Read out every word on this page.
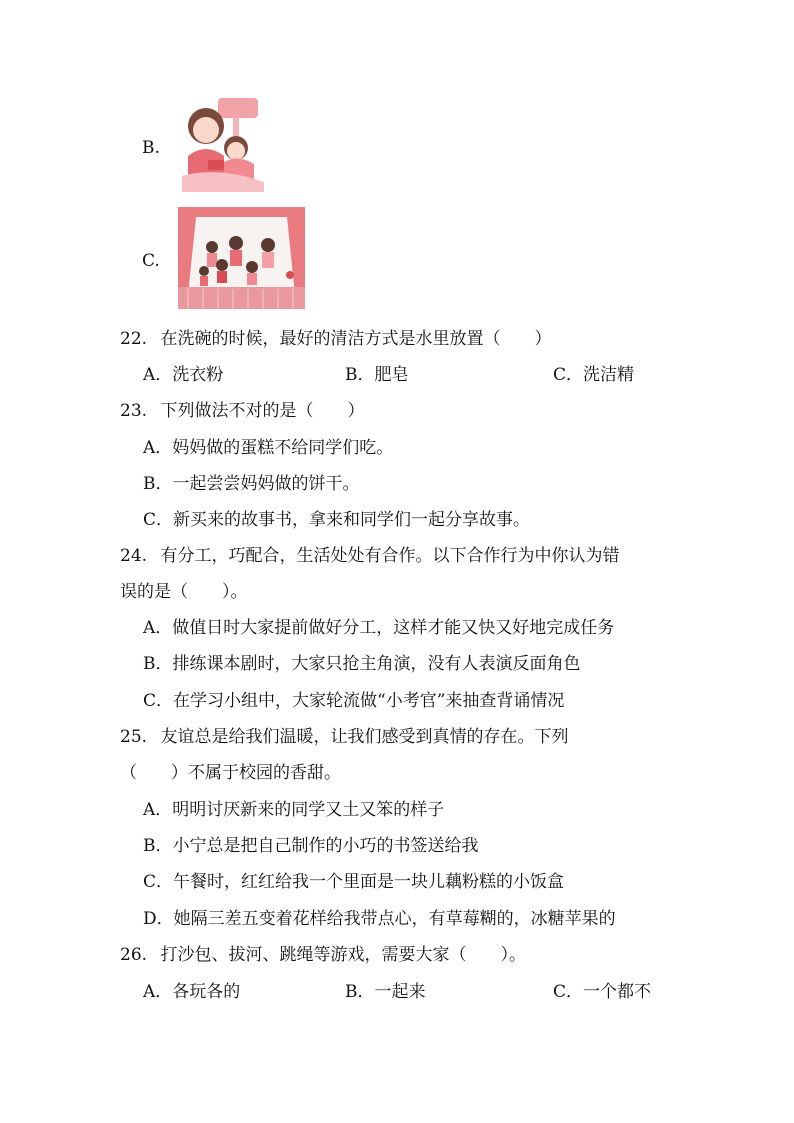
B.
C.
22. 在洗碗的时候，最好的清洁方式是水里放置（　　）
A．洗衣粉	B．肥皂	C．洗洁精
23. 下列做法不对的是（　　）
A．妈妈做的蛋糕不给同学们吃。
B．一起尝尝妈妈做的饼干。
C．新买来的故事书，拿来和同学们一起分享故事。
24. 有分工，巧配合，生活处处有合作。以下合作行为中你认为错
误的是（　　）。
A．做值日时大家提前做好分工，这样才能又快又好地完成任务
B．排练课本剧时，大家只抢主角演，没有人表演反面角色
C．在学习小组中，大家轮流做“小考官”来抽查背诵情况
25. 友谊总是给我们温暖，让我们感受到真情的存在。下列
（　　）不属于校园的香甜。
A．明明讨厌新来的同学又土又笨的样子
B．小宁总是把自己制作的小巧的书签送给我
C．午餐时，红红给我一个里面是一块儿藕粉糕的小饭盒
D．她隔三差五变着花样给我带点心，有草莓糊的，冰糖苹果的
26. 打沙包、拔河、跳绳等游戏，需要大家（　　）。
A．各玩各的	B．一起来	C．一个都不
